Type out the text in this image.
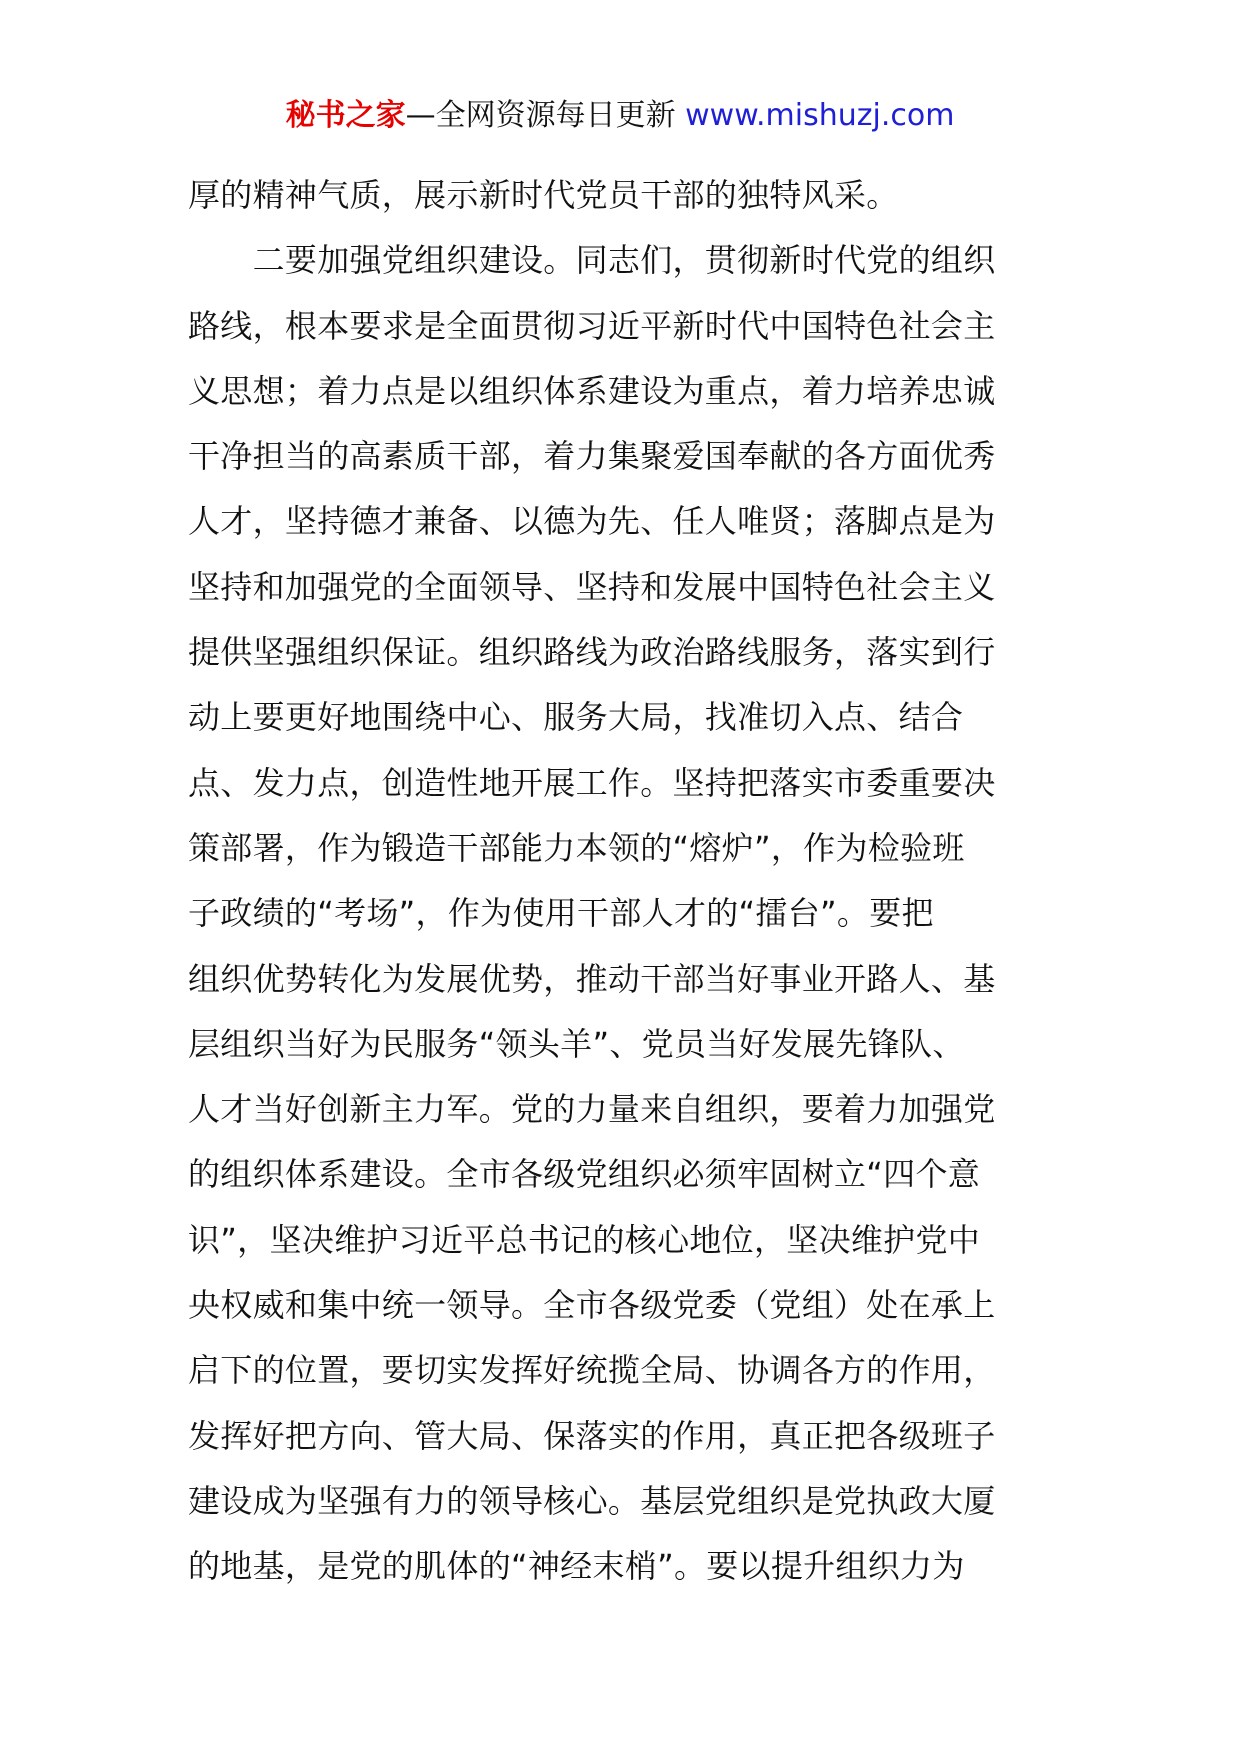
秘书之家—全网资源每日更新 www.mishuzj.com
厚的精神气质，展示新时代党员干部的独特风采。
　　二要加强党组织建设。同志们，贯彻新时代党的组织
路线，根本要求是全面贯彻习近平新时代中国特色社会主
义思想；着力点是以组织体系建设为重点，着力培养忠诚
干净担当的高素质干部，着力集聚爱国奉献的各方面优秀
人才，坚持德才兼备、以德为先、任人唯贤；落脚点是为
坚持和加强党的全面领导、坚持和发展中国特色社会主义
提供坚强组织保证。组织路线为政治路线服务，落实到行
动上要更好地围绕中心、服务大局，找准切入点、结合
点、发力点，创造性地开展工作。坚持把落实市委重要决
策部署，作为锻造干部能力本领的“熔炉”，作为检验班
子政绩的“考场”，作为使用干部人才的“擂台”。要把
组织优势转化为发展优势，推动干部当好事业开路人、基
层组织当好为民服务“领头羊”、党员当好发展先锋队、
人才当好创新主力军。党的力量来自组织，要着力加强党
的组织体系建设。全市各级党组织必须牢固树立“四个意
识”，坚决维护习近平总书记的核心地位，坚决维护党中
央权威和集中统一领导。全市各级党委（党组）处在承上
启下的位置，要切实发挥好统揽全局、协调各方的作用，
发挥好把方向、管大局、保落实的作用，真正把各级班子
建设成为坚强有力的领导核心。基层党组织是党执政大厦
的地基，是党的肌体的“神经末梢”。要以提升组织力为
